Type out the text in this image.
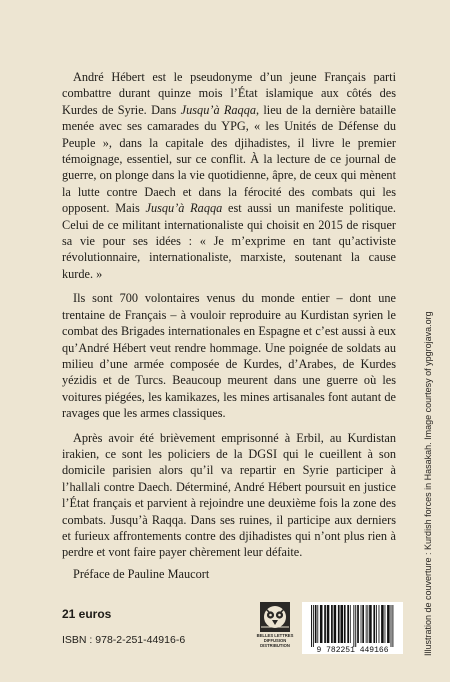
André Hébert est le pseudonyme d’un jeune Français parti combattre durant quinze mois l’État islamique aux côtés des Kurdes de Syrie. Dans Jusqu’à Raqqa, lieu de la dernière bataille menée avec ses camarades du YPG, « les Unités de Défense du Peuple », dans la capitale des djihadistes, il livre le premier témoignage, essentiel, sur ce conflit. À la lecture de ce journal de guerre, on plonge dans la vie quotidienne, âpre, de ceux qui mènent la lutte contre Daech et dans la férocité des combats qui les opposent. Mais Jusqu’à Raqqa est aussi un manifeste politique. Celui de ce militant internationaliste qui choisit en 2015 de risquer sa vie pour ses idées : « Je m’exprime en tant qu’activiste révolutionnaire, internationaliste, marxiste, soutenant la cause kurde. »

Ils sont 700 volontaires venus du monde entier – dont une trentaine de Français – à vouloir reproduire au Kurdistan syrien le combat des Brigades internationales en Espagne et c’est aussi à eux qu’André Hébert veut rendre hommage. Une poignée de soldats au milieu d’une armée composée de Kurdes, d’Arabes, de Kurdes yézidis et de Turcs. Beaucoup meurent dans une guerre où les voitures piégées, les kamikazes, les mines artisanales font autant de ravages que les armes classiques.

Après avoir été brièvement emprisonné à Erbil, au Kurdistan irakien, ce sont les policiers de la DGSI qui le cueillent à son domicile parisien alors qu’il va repartir en Syrie participer à l’hallali contre Daech. Déterminé, André Hébert poursuit en justice l’État français et parvient à rejoindre une deuxième fois la zone des combats. Jusqu’à Raqqa. Dans ses ruines, il participe aux derniers et furieux affrontements contre des djihadistes qui n’ont plus rien à perdre et vont faire payer chèrement leur défaite.

Préface de Pauline Maucort

21 euros

ISBN : 978-2-251-44916-6	BELLES LETTRES
DIFFUSION
DISTRIBUTION
9 782251 449166	Illustration de couverture : Kurdish forces in Hasakah. Image courtesy of ypgrojava.org
